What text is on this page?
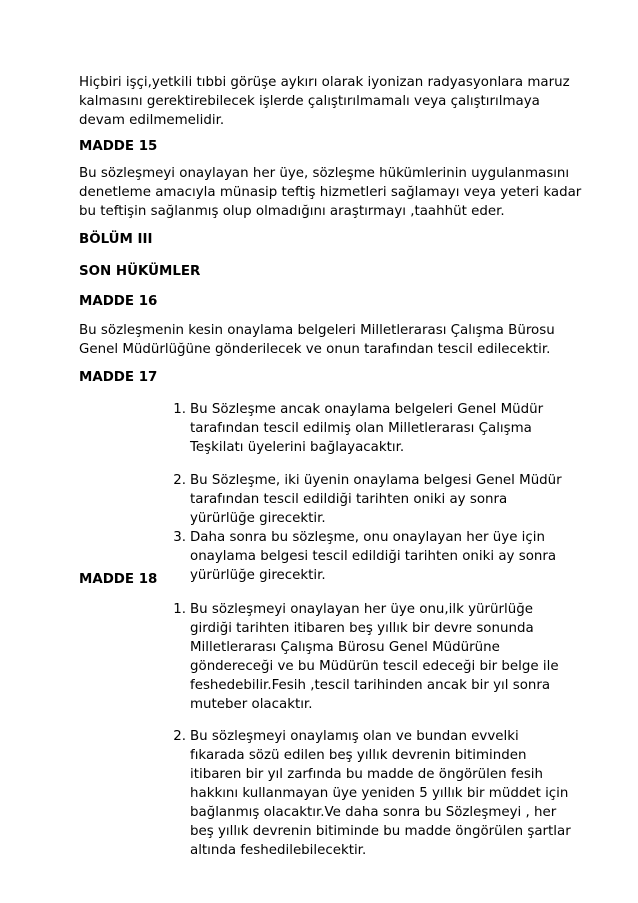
Hiçbiri işçi,yetkili tıbbi görüşe aykırı olarak iyonizan radyasyonlara maruz
kalmasını gerektirebilecek işlerde çalıştırılmamalı veya çalıştırılmaya
devam edilmemelidir.

MADDE 15

Bu sözleşmeyi onaylayan her üye, sözleşme hükümlerinin uygulanmasını
denetleme amacıyla münasip teftiş hizmetleri sağlamayı veya yeteri kadar
bu teftişin sağlanmış olup olmadığını araştırmayı ,taahhüt eder.

BÖLÜM III

SON HÜKÜMLER

MADDE 16

Bu sözleşmenin kesin onaylama belgeleri Milletlerarası Çalışma Bürosu
Genel Müdürlüğüne gönderilecek ve onun tarafından tescil edilecektir.

MADDE 17

1. Bu Sözleşme ancak onaylama belgeleri Genel Müdür
tarafından tescil edilmiş olan Milletlerarası Çalışma
Teşkilatı üyelerini bağlayacaktır.
2. Bu Sözleşme, iki üyenin onaylama belgesi Genel Müdür
tarafından tescil edildiği tarihten oniki ay sonra
yürürlüğe girecektir.
3. Daha sonra bu sözleşme, onu onaylayan her üye için
onaylama belgesi tescil edildiği tarihten oniki ay sonra
yürürlüğe girecektir.

MADDE 18

1. Bu sözleşmeyi onaylayan her üye onu,ilk yürürlüğe
girdiği tarihten itibaren beş yıllık bir devre sonunda
Milletlerarası Çalışma Bürosu Genel Müdürüne
göndereceği ve bu Müdürün tescil edeceği bir belge ile
feshedebilir.Fesih ,tescil tarihinden ancak bir yıl sonra
muteber olacaktır.
2. Bu sözleşmeyi onaylamış olan ve bundan evvelki
fıkarada sözü edilen beş yıllık devrenin bitiminden
itibaren bir yıl zarfında bu madde de öngörülen fesih
hakkını kullanmayan üye yeniden 5 yıllık bir müddet için
bağlanmış olacaktır.Ve daha sonra bu Sözleşmeyi , her
beş yıllık devrenin bitiminde bu madde öngörülen şartlar
altında feshedilebilecektir.
